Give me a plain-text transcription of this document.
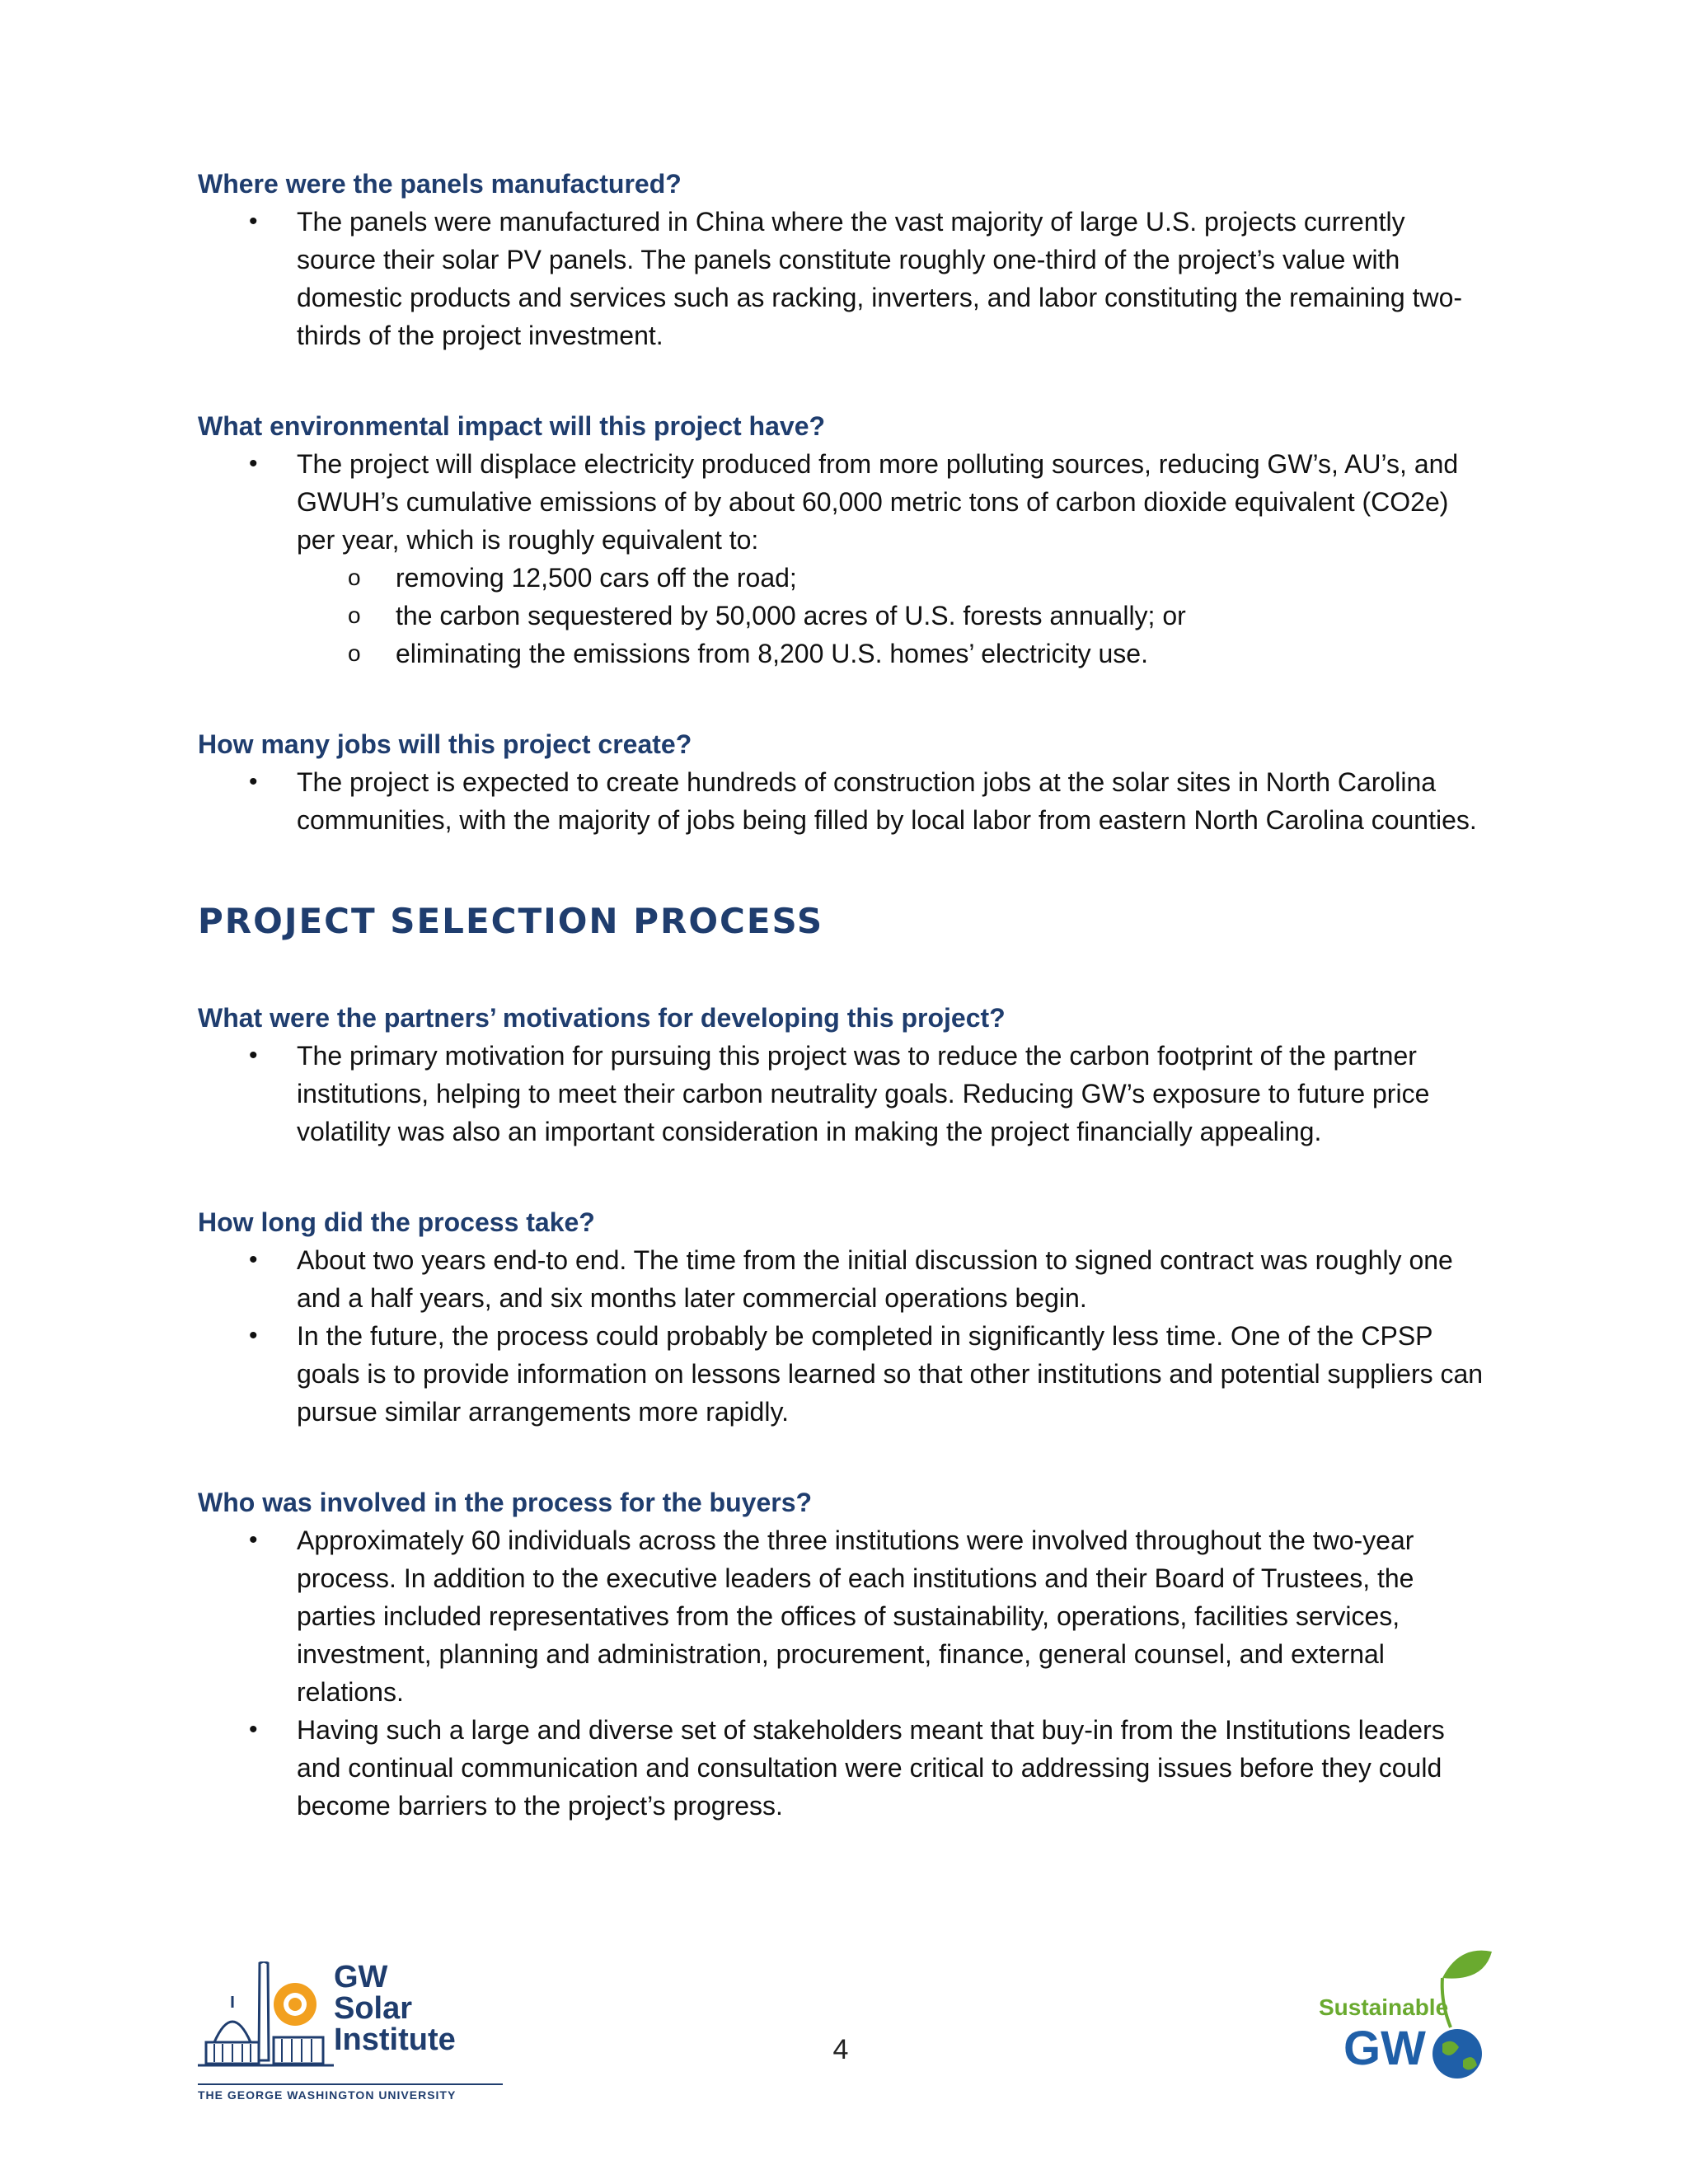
Where were the panels manufactured?
• The panels were manufactured in China where the vast majority of large U.S. projects currently source their solar PV panels. The panels constitute roughly one-third of the project’s value with domestic products and services such as racking, inverters, and labor constituting the remaining two-thirds of the project investment.
What environmental impact will this project have?
• The project will displace electricity produced from more polluting sources, reducing GW’s, AU’s, and GWUH’s cumulative emissions of by about 60,000 metric tons of carbon dioxide equivalent (CO2e) per year, which is roughly equivalent to:
o removing 12,500 cars off the road;
o the carbon sequestered by 50,000 acres of U.S. forests annually; or
o eliminating the emissions from 8,200 U.S. homes’ electricity use.
How many jobs will this project create?
• The project is expected to create hundreds of construction jobs at the solar sites in North Carolina communities, with the majority of jobs being filled by local labor from eastern North Carolina counties.
PROJECT SELECTION PROCESS
What were the partners’ motivations for developing this project?
• The primary motivation for pursuing this project was to reduce the carbon footprint of the partner institutions, helping to meet their carbon neutrality goals. Reducing GW’s exposure to future price volatility was also an important consideration in making the project financially appealing.
How long did the process take?
• About two years end-to end. The time from the initial discussion to signed contract was roughly one and a half years, and six months later commercial operations begin.
• In the future, the process could probably be completed in significantly less time. One of the CPSP goals is to provide information on lessons learned so that other institutions and potential suppliers can pursue similar arrangements more rapidly.
Who was involved in the process for the buyers?
• Approximately 60 individuals across the three institutions were involved throughout the two-year process. In addition to the executive leaders of each institutions and their Board of Trustees, the parties included representatives from the offices of sustainability, operations, facilities services, investment, planning and administration, procurement, finance, general counsel, and external relations.
• Having such a large and diverse set of stakeholders meant that buy-in from the Institutions leaders and continual communication and consultation were critical to addressing issues before they could become barriers to the project’s progress.
GW
Solar
Institute
THE GEORGE WASHINGTON UNIVERSITY
4
Sustainable
GW
